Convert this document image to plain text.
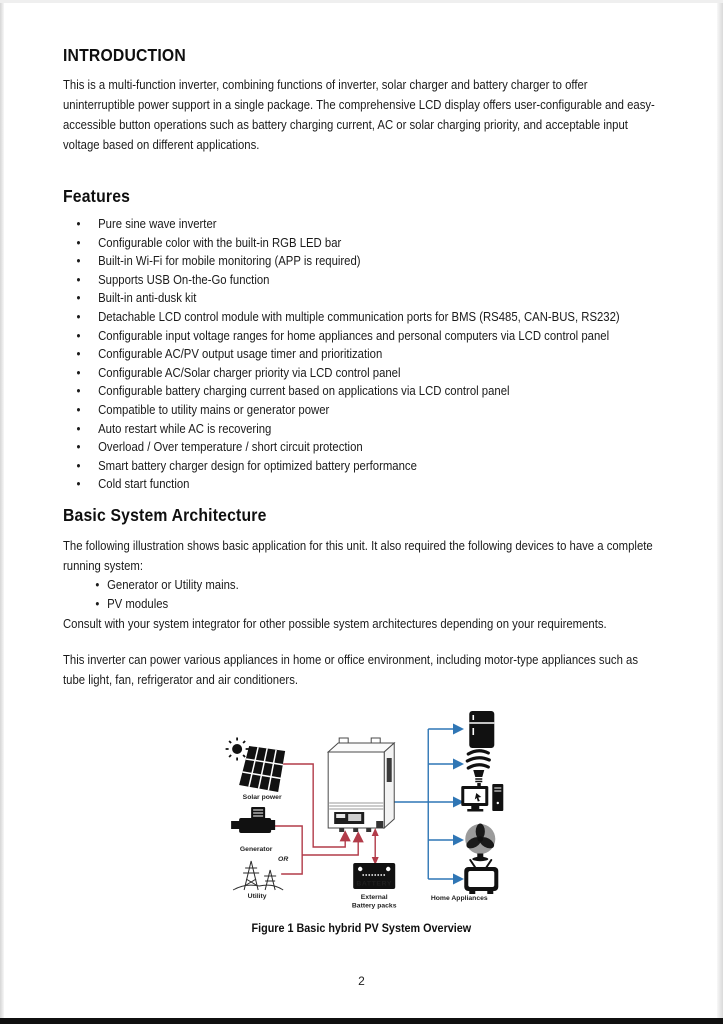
INTRODUCTION

This is a multi-function inverter, combining functions of inverter, solar charger and battery charger to offer uninterruptible power support in a single package. The comprehensive LCD display offers user-configurable and easy-accessible button operations such as battery charging current, AC or solar charging priority, and acceptable input voltage based on different applications.

Features
• Pure sine wave inverter
• Configurable color with the built-in RGB LED bar
• Built-in Wi-Fi for mobile monitoring (APP is required)
• Supports USB On-the-Go function
• Built-in anti-dusk kit
• Detachable LCD control module with multiple communication ports for BMS (RS485, CAN-BUS, RS232)
• Configurable input voltage ranges for home appliances and personal computers via LCD control panel
• Configurable AC/PV output usage timer and prioritization
• Configurable AC/Solar charger priority via LCD control panel
• Configurable battery charging current based on applications via LCD control panel
• Compatible to utility mains or generator power
• Auto restart while AC is recovering
• Overload / Over temperature / short circuit protection
• Smart battery charger design for optimized battery performance
• Cold start function
Basic System Architecture

The following illustration shows basic application for this unit. It also required the following devices to have a complete running system:

• Generator or Utility mains.
• PV modules

Consult with your system integrator for other possible system architectures depending on your requirements.

This inverter can power various appliances in home or office environment, including motor-type appliances such as tube light, fan, refrigerator and air conditioners.

Solar power
Generator
OR
Utility
BATTERY
External
Battery packs
Home Appliances
Figure 1 Basic hybrid PV System Overview
2
